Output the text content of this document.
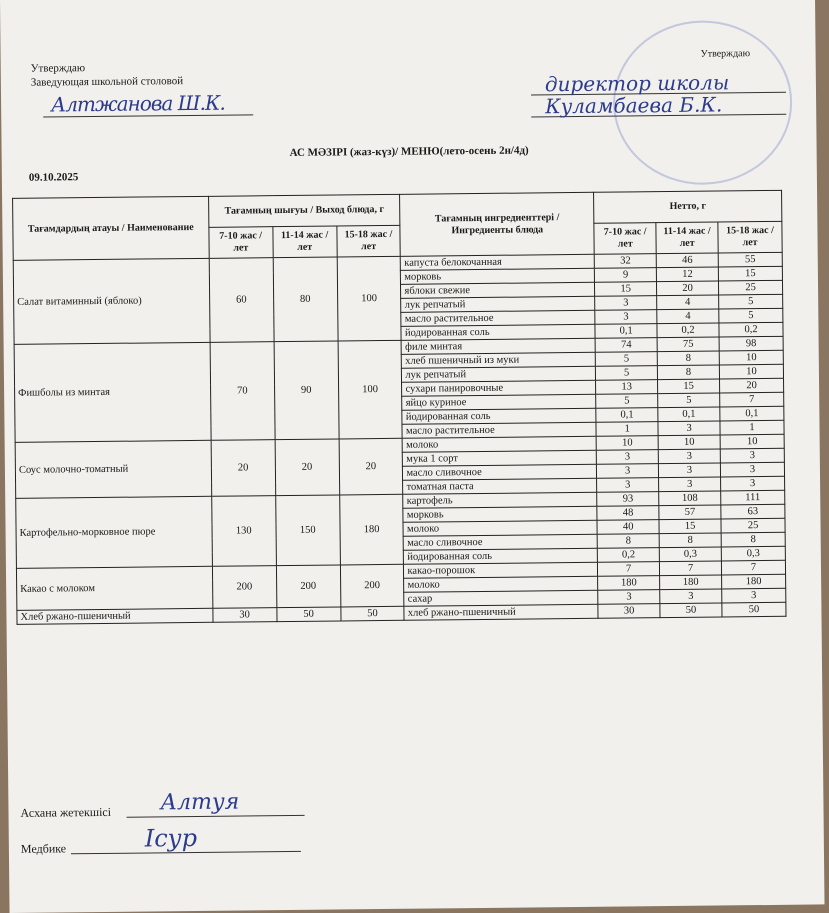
Утверждаю
Заведующая школьной столовой
Алтжанова Ш.К.
Утверждаю
директор школы
Куламбаева Б.К.
АС МӘЗІРІ (жаз-күз)/ МЕНЮ(лето-осень 2н/4д)
09.10.2025
Тағамдардың атауы / Наименование	Тағамның шығуы / Выход блюда, г			Тағамның ингредиенттері / Ингредиенты блюда	Нетто, г		
	7-10 жас / лет	11-14 жас / лет	15-18 жас / лет		7-10 жас / лет	11-14 жас / лет	15-18 жас / лет
Салат витаминный (яблоко)	60	80	100	капуста белокочанная	32	46	55
				морковь	9	12	15
				яблоки свежие	15	20	25
				лук репчатый	3	4	5
				масло растительное	3	4	5
				йодированная соль	0,1	0,2	0,2
Фишболы из минтая	70	90	100	филе минтая	74	75	98
				хлеб пшеничный из муки	5	8	10
				лук репчатый	5	8	10
				сухари панировочные	13	15	20
				яйцо куриное	5	5	7
				йодированная соль	0,1	0,1	0,1
				масло растительное	1	3	1
Соус молочно-томатный	20	20	20	молоко	10	10	10
				мука 1 сорт	3	3	3
				масло сливочное	3	3	3
				томатная паста	3	3	3
Картофельно-морковное пюре	130	150	180	картофель	93	108	111
				морковь	48	57	63
				молоко	40	15	25
				масло сливочное	8	8	8
				йодированная соль	0,2	0,3	0,3
Какао с молоком	200	200	200	какао-порошок	7	7	7
				молоко	180	180	180
				сахар	3	3	3
Хлеб ржано-пшеничный	30	50	50	хлеб ржано-пшеничный	30	50	50
Асхана жетекшісі Алтуя
Медбике	Ісур
